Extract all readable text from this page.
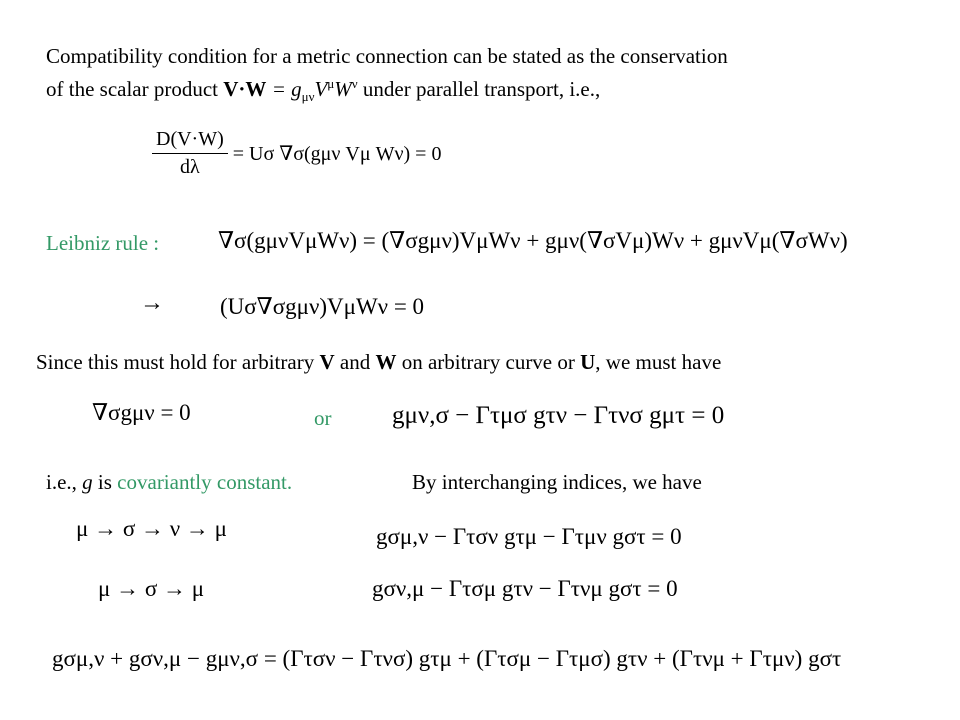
Compatibility condition for a metric connection can be stated as the conservation
of the scalar product $V\cdot W = g_{\mu\nu}V^\mu W^\nu$ under parallel transport, i.e.,
$\frac{D(V\cdot W)}{d\lambda} = U\sigma$ ∇σ(gμν Vμ Wν) = 0
Leibniz rule :	∇σ(gμνVμWν) = (∇σgμν)VμWν + gμν(∇σVμ)Wν + gμνVμ(∇σWν)
→ (Uσ∇σgμν)VμWν = 0
Since this must hold for arbitrary V and W on arbitrary curve or U, we must have
∇σgμν = 0	or gμν,σ − Γτμσ gτν − Γτνσ gμτ = 0
i.e., g is covariantly constant.	By interchanging indices, we have
μ → σ → ν → μ	gσμ,ν − Γτσν gτμ − Γτμν gστ = 0
μ → σ → μ	gσν,μ − Γτσμ gτν − Γτνμ gστ = 0
gσμ,ν + gσν,μ − gμν,σ = (Γτσν − Γτνσ) gτμ + (Γτσμ − Γτμσ) gτν + (Γτνμ + Γτμν) gστ
